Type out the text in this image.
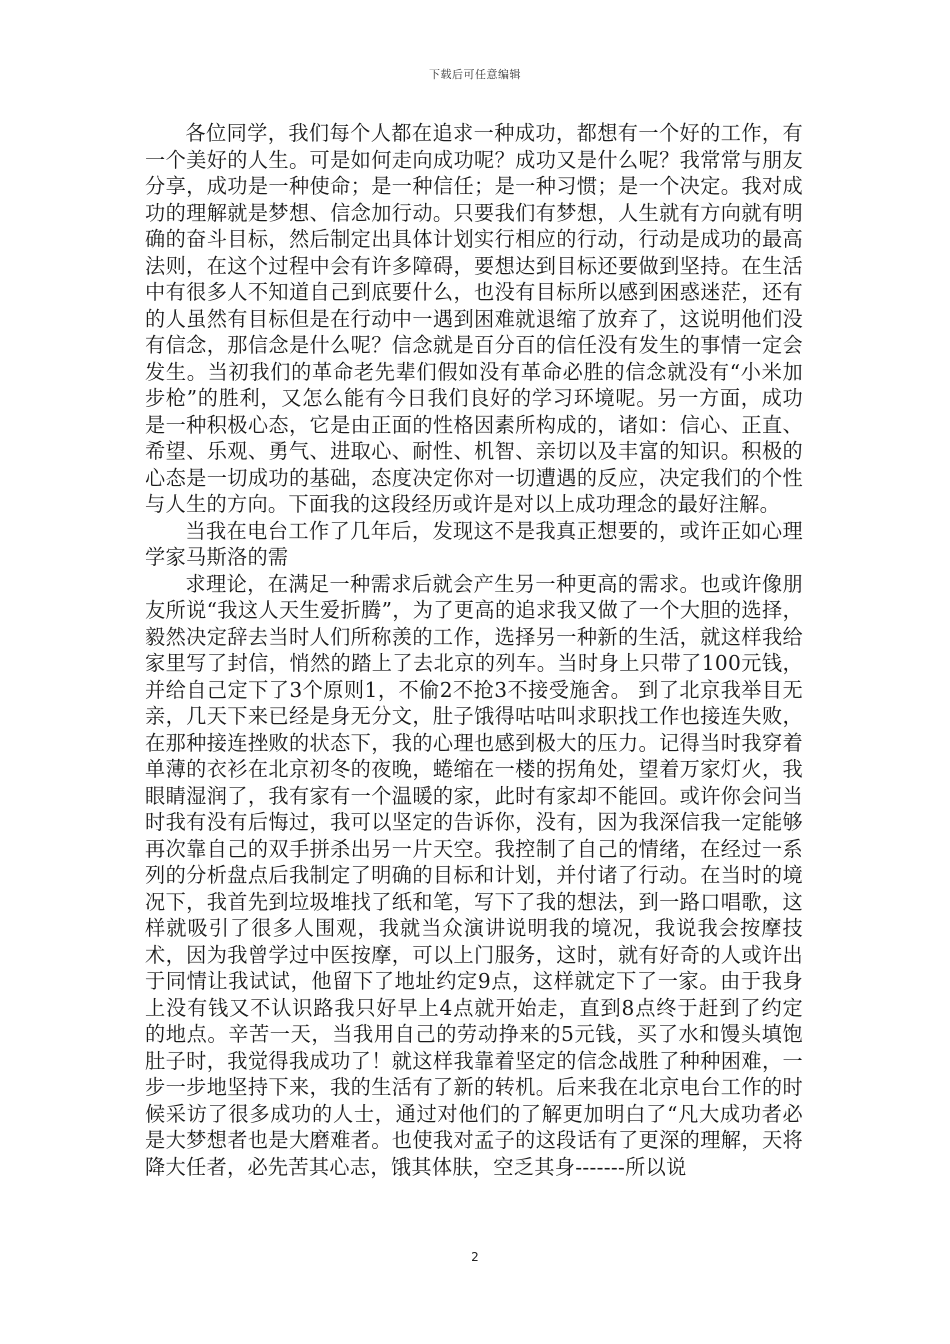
下载后可任意编辑

各位同学，我们每个人都在追求一种成功，都想有一个好的工作，有一个美好的人生。可是如何走向成功呢？成功又是什么呢？我常常与朋友分享，成功是一种使命；是一种信任；是一种习惯；是一个决定。我对成功的理解就是梦想、信念加行动。只要我们有梦想，人生就有方向就有明确的奋斗目标，然后制定出具体计划实行相应的行动，行动是成功的最高法则，在这个过程中会有许多障碍，要想达到目标还要做到坚持。在生活中有很多人不知道自己到底要什么，也没有目标所以感到困惑迷茫，还有的人虽然有目标但是在行动中一遇到困难就退缩了放弃了，这说明他们没有信念，那信念是什么呢？信念就是百分百的信任没有发生的事情一定会发生。当初我们的革命老先辈们假如没有革命必胜的信念就没有“小米加步枪”的胜利，又怎么能有今日我们良好的学习环境呢。另一方面，成功是一种积极心态，它是由正面的性格因素所构成的，诸如：信心、正直、希望、乐观、勇气、进取心、耐性、机智、亲切以及丰富的知识。积极的心态是一切成功的基础，态度决定你对一切遭遇的反应，决定我们的个性与人生的方向。下面我的这段经历或许是对以上成功理念的最好注解。

当我在电台工作了几年后，发现这不是我真正想要的，或许正如心理学家马斯洛的需

求理论，在满足一种需求后就会产生另一种更高的需求。也或许像朋友所说“我这人天生爱折腾”，为了更高的追求我又做了一个大胆的选择，毅然决定辞去当时人们所称羡的工作，选择另一种新的生活，就这样我给家里写了封信，悄然的踏上了去北京的列车。当时身上只带了100元钱，并给自己定下了3个原则1，不偷2不抢3不接受施舍。 到了北京我举目无亲，几天下来已经是身无分文，肚子饿得咕咕叫求职找工作也接连失败，在那种接连挫败的状态下，我的心理也感到极大的压力。记得当时我穿着单薄的衣衫在北京初冬的夜晚，蜷缩在一楼的拐角处，望着万家灯火，我眼睛湿润了，我有家有一个温暖的家，此时有家却不能回。或许你会问当时我有没有后悔过，我可以坚定的告诉你，没有，因为我深信我一定能够再次靠自己的双手拼杀出另一片天空。我控制了自己的情绪，在经过一系列的分析盘点后我制定了明确的目标和计划，并付诸了行动。在当时的境况下，我首先到垃圾堆找了纸和笔，写下了我的想法，到一路口唱歌，这样就吸引了很多人围观，我就当众演讲说明我的境况，我说我会按摩技术，因为我曾学过中医按摩，可以上门服务，这时，就有好奇的人或许出于同情让我试试，他留下了地址约定9点，这样就定下了一家。由于我身上没有钱又不认识路我只好早上4点就开始走，直到8点终于赶到了约定的地点。辛苦一天，当我用自己的劳动挣来的5元钱，买了水和馒头填饱肚子时，我觉得我成功了！就这样我靠着坚定的信念战胜了种种困难，一步一步地坚持下来，我的生活有了新的转机。后来我在北京电台工作的时候采访了很多成功的人士，通过对他们的了解更加明白了“凡大成功者必是大梦想者也是大磨难者。也使我对孟子的这段话有了更深的理解，天将降大任者，必先苦其心志，饿其体肤，空乏其身-------所以说

2
